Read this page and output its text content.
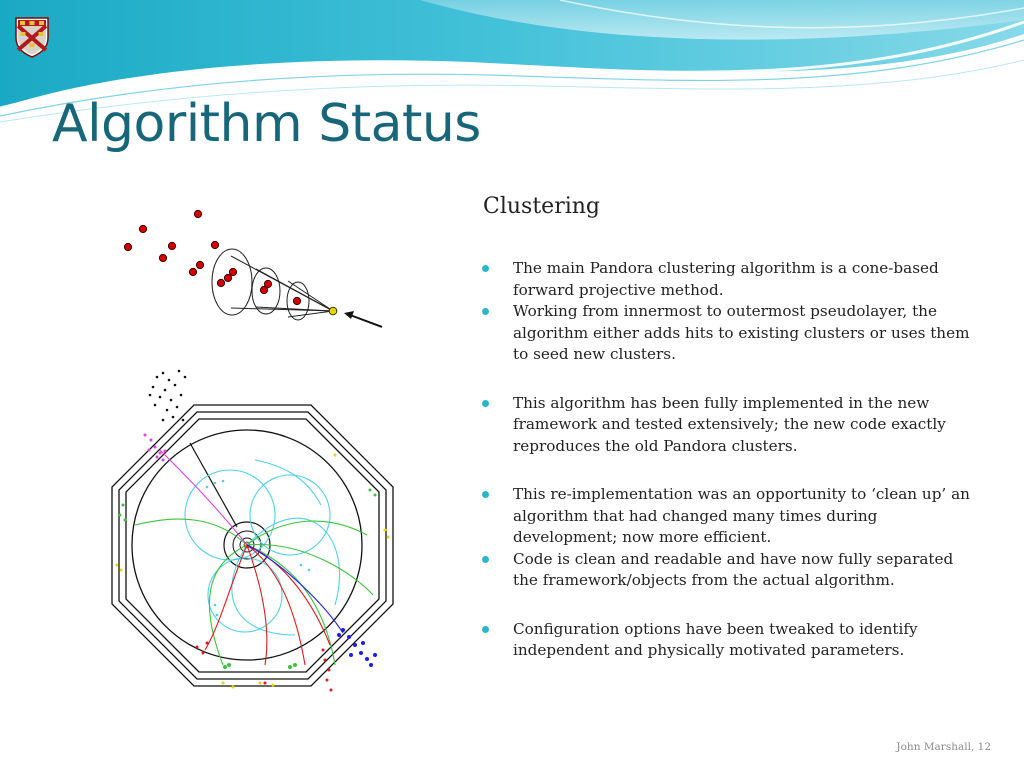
Algorithm Status
Clustering
The main Pandora clustering algorithm is a cone-based forward projective method.
Working from innermost to outermost pseudolayer, the algorithm either adds hits to existing clusters or uses them to seed new clusters.
This algorithm has been fully implemented in the new framework and tested extensively; the new code exactly reproduces the old Pandora clusters.
This re-implementation was an opportunity to ‘clean up’ an algorithm that had changed many times during development; now more efficient.
Code is clean and readable and have now fully separated the framework/objects from the actual algorithm.
Configuration options have been tweaked to identify independent and physically motivated parameters.
John Marshall, 12
